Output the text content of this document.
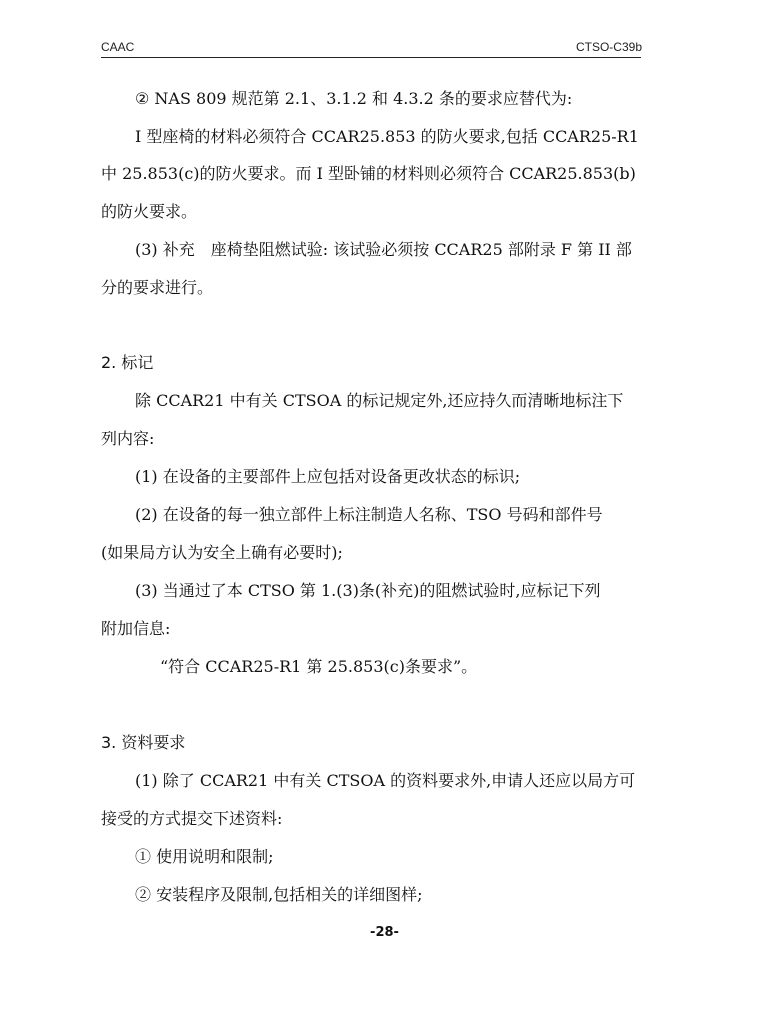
CAAC	CTSO-C39b
② NAS 809 规范第 2.1、3.1.2 和 4.3.2 条的要求应替代为:
I 型座椅的材料必须符合 CCAR25.853 的防火要求,包括 CCAR25-R1
中 25.853(c)的防火要求。而 I 型卧铺的材料则必须符合 CCAR25.853(b)
的防火要求。
(3) 补充　座椅垫阻燃试验: 该试验必须按 CCAR25 部附录 F 第 II 部
分的要求进行。
2. 标记
除 CCAR21 中有关 CTSOA 的标记规定外,还应持久而清晰地标注下
列内容:
(1) 在设备的主要部件上应包括对设备更改状态的标识;
(2) 在设备的每一独立部件上标注制造人名称、TSO 号码和部件号
(如果局方认为安全上确有必要时);
(3) 当通过了本 CTSO 第 1.(3)条(补充)的阻燃试验时,应标记下列
附加信息:
“符合 CCAR25-R1 第 25.853(c)条要求”。
3. 资料要求
(1) 除了 CCAR21 中有关 CTSOA 的资料要求外,申请人还应以局方可
接受的方式提交下述资料:
① 使用说明和限制;
② 安装程序及限制,包括相关的详细图样;
-28-
